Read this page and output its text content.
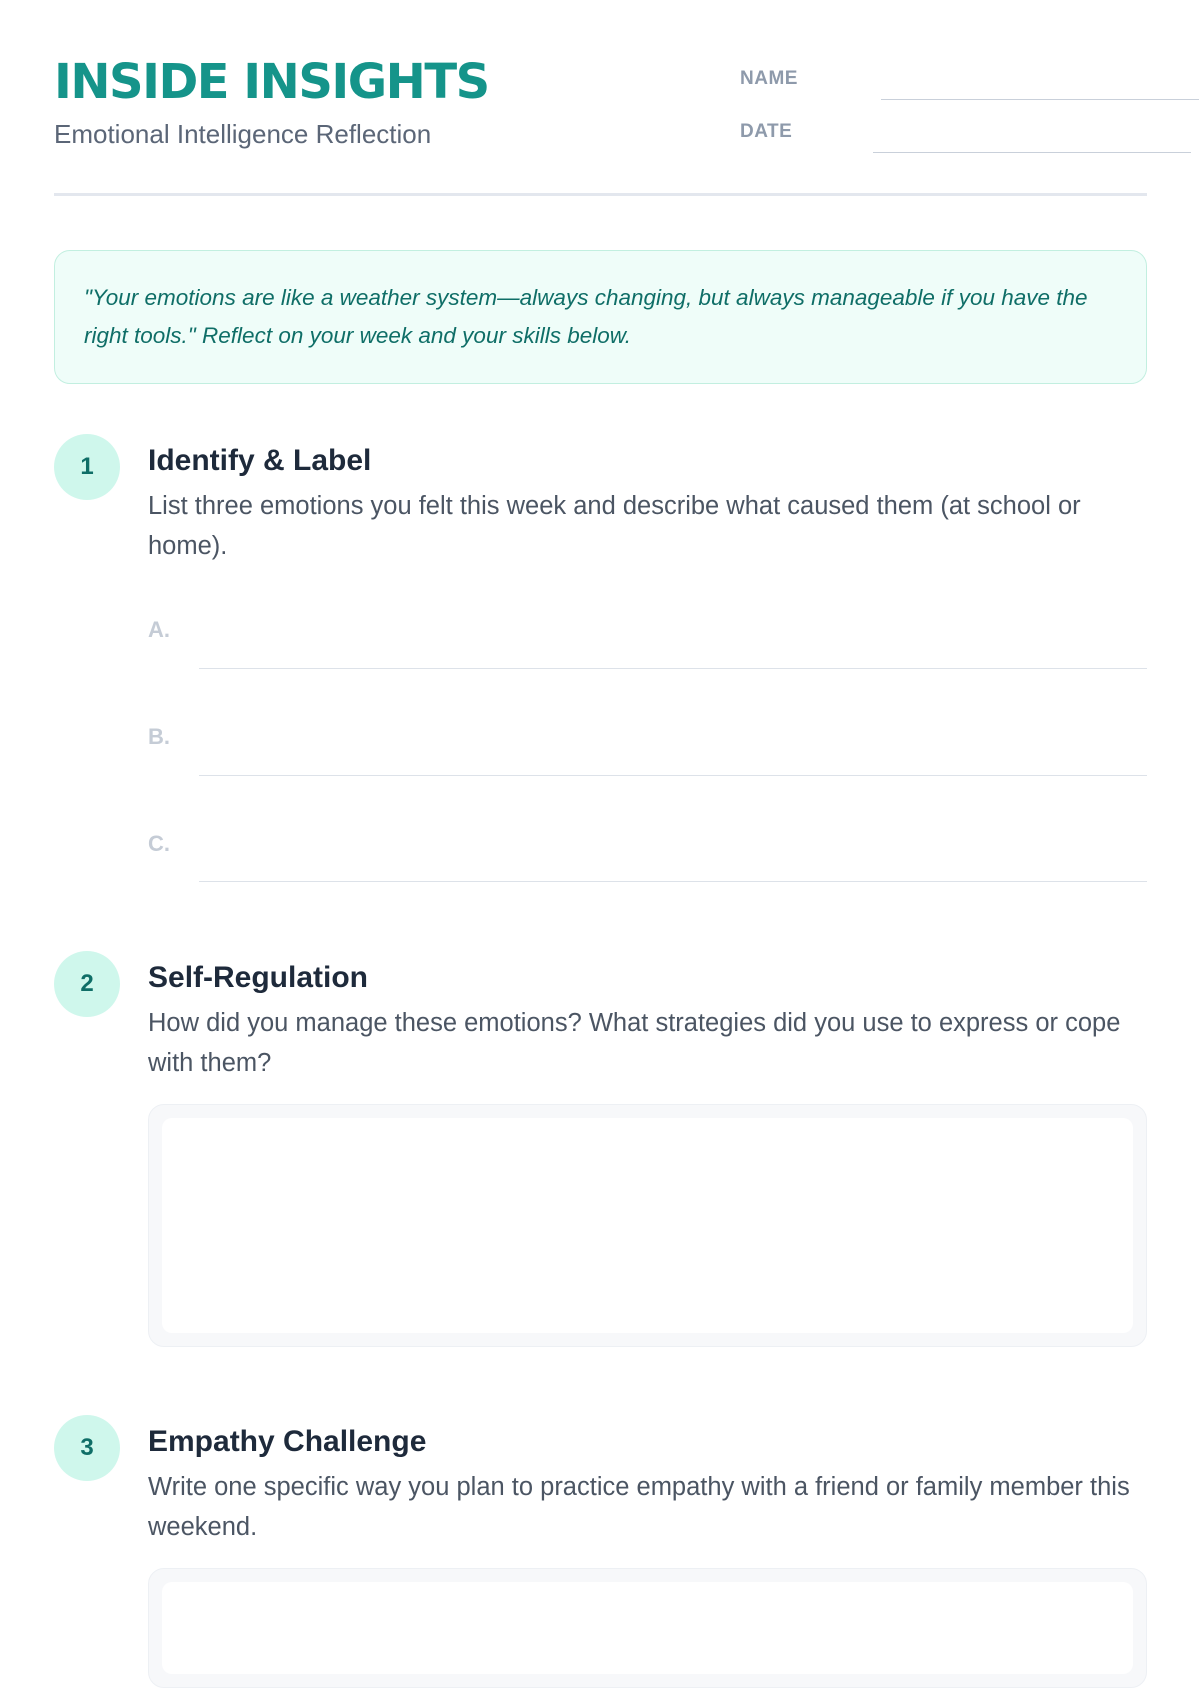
INSIDE INSIGHTS
Emotional Intelligence Reflection
NAME
DATE

"Your emotions are like a weather system—always changing, but always manageable if you have the right tools." Reflect on your week and your skills below.

1	Identify & Label

List three emotions you felt this week and describe what caused them (at school or home).

A.
B.
C.
2	Self-Regulation

How did you manage these emotions? What strategies did you use to express or cope with them?

3	Empathy Challenge

Write one specific way you plan to practice empathy with a friend or family member this weekend.
